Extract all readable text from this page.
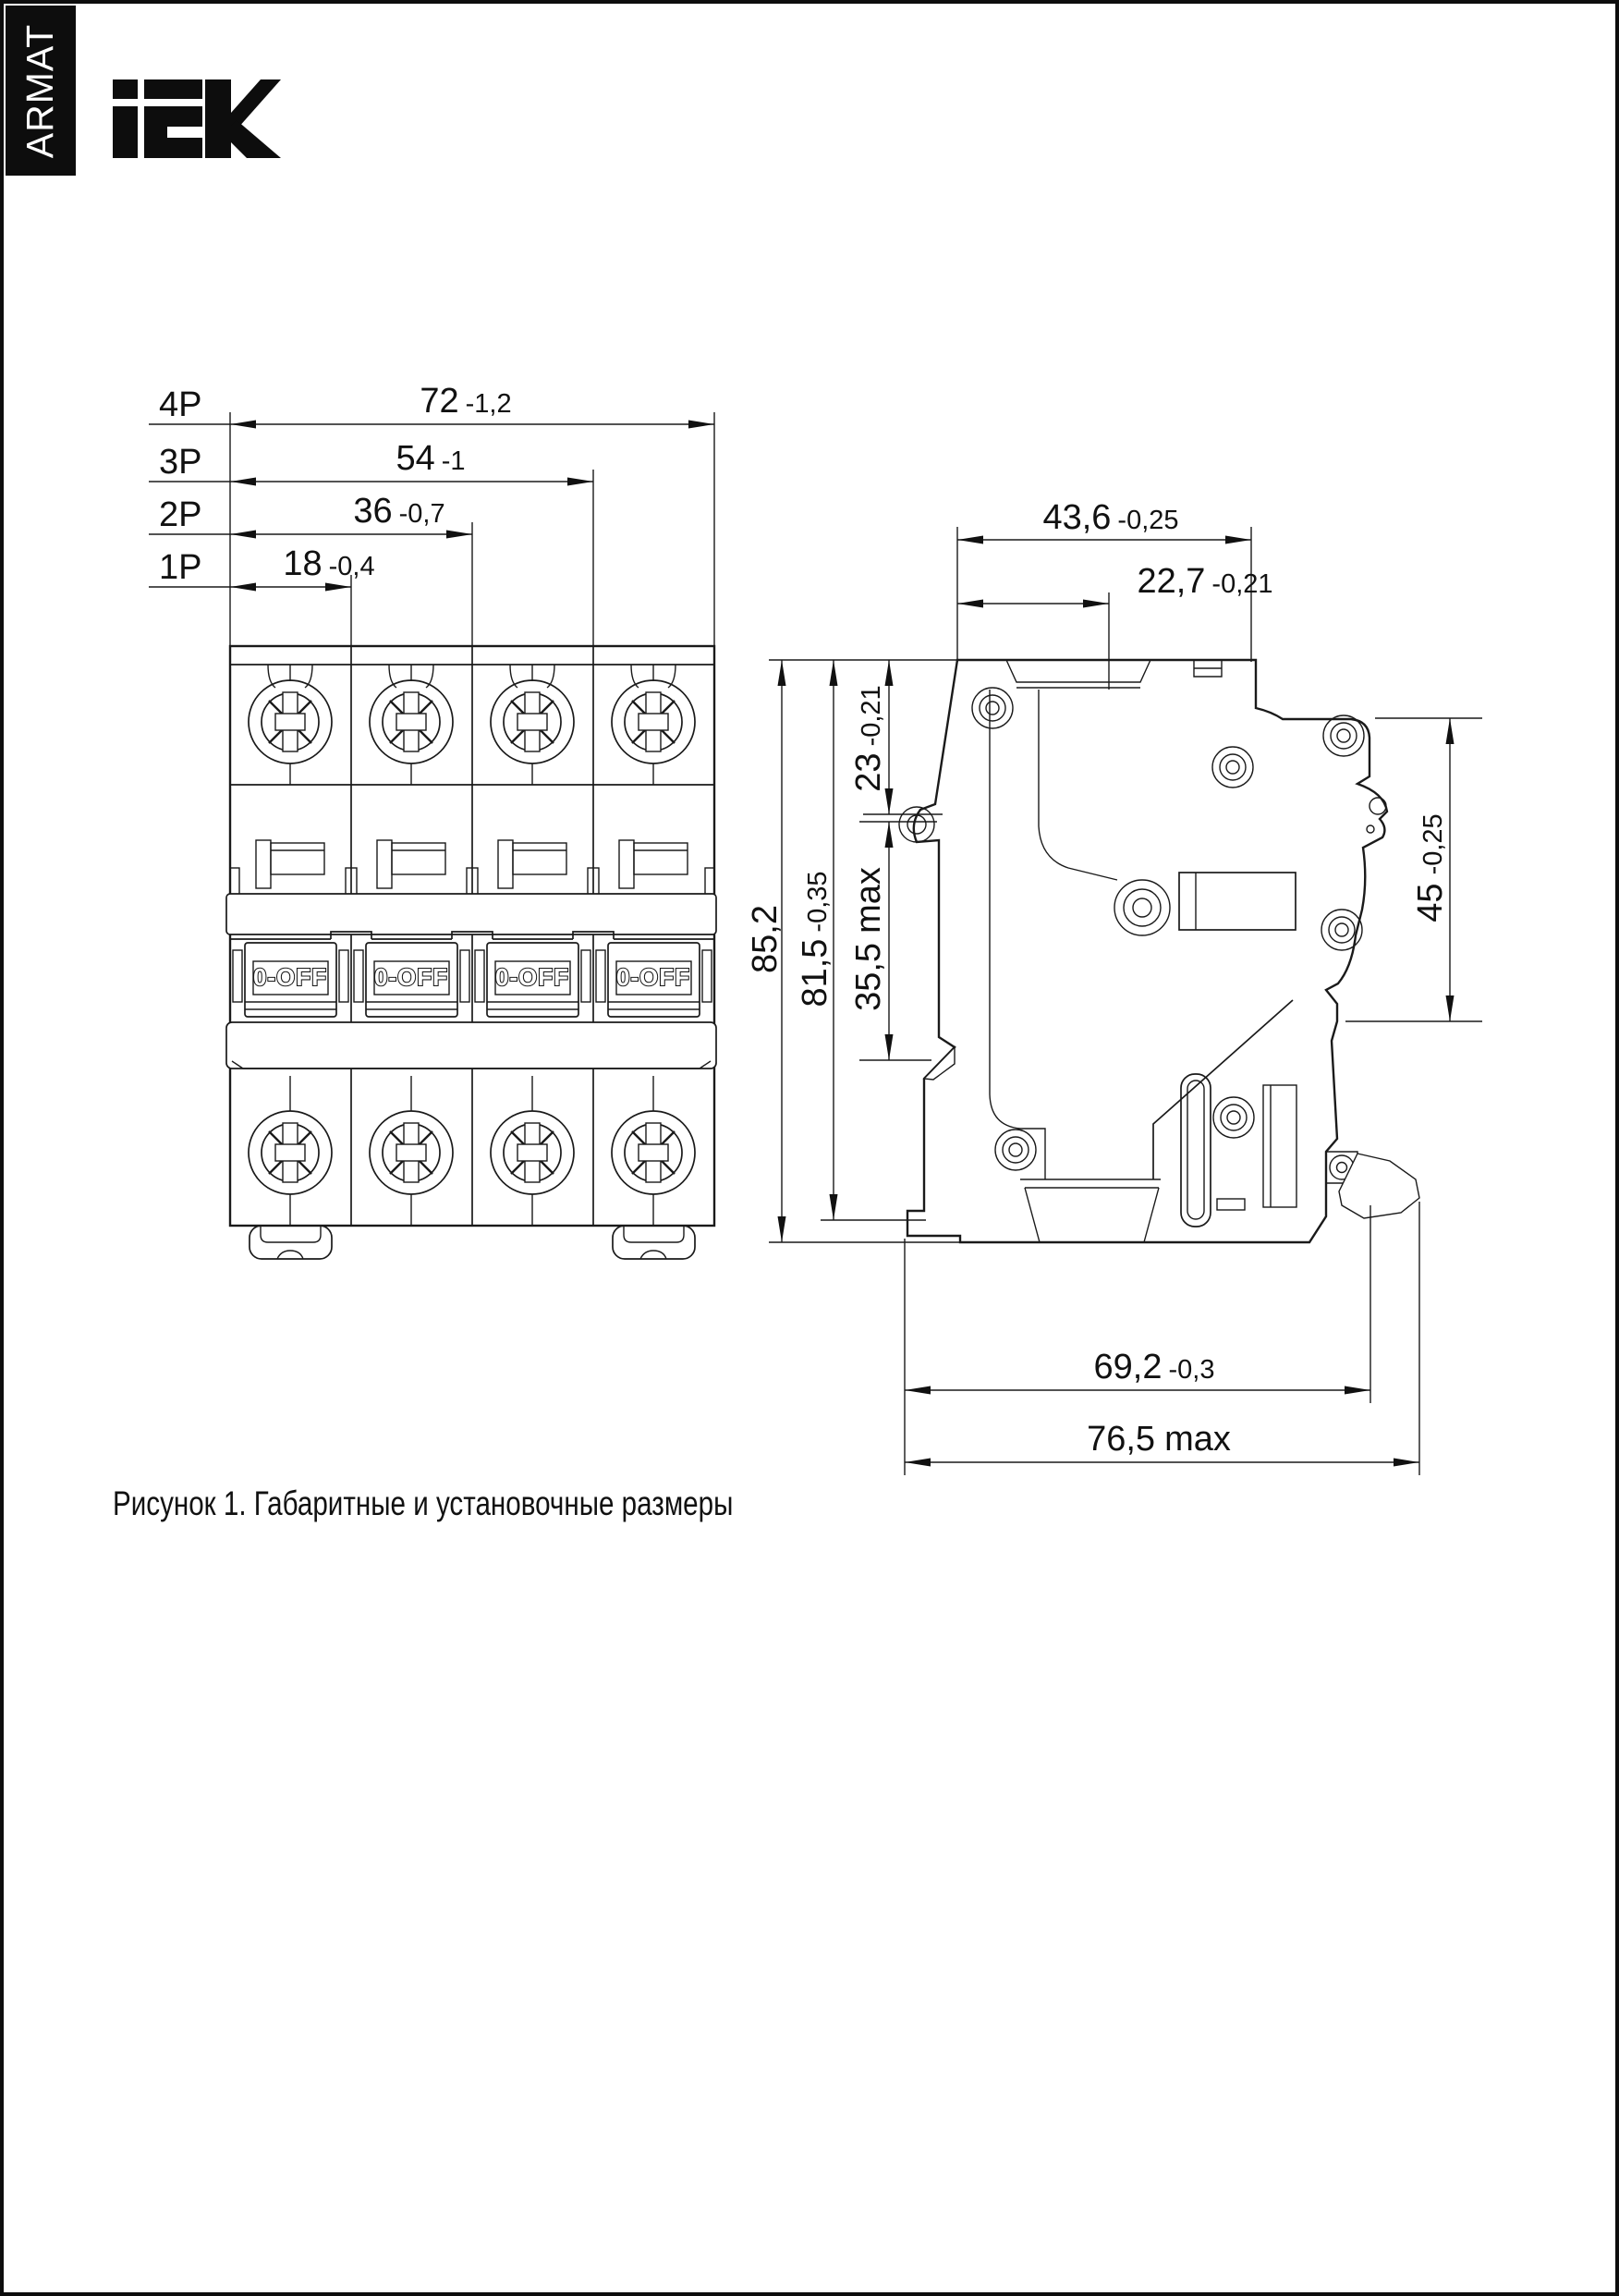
ARMAT
4P
3P
2P
1P
72 -1,2
54 -1
36 -0,7
18 -0,4
0-OFF 0-OFF 0-OFF 0-OFF
43,6 -0,25
22,7 -0,21
85,2 81,5-0,35
23-0,21
35,5max	45-0,25
69,2 -0,3
76,5 max
Рисунок 1. Габаритные и установочные размеры
